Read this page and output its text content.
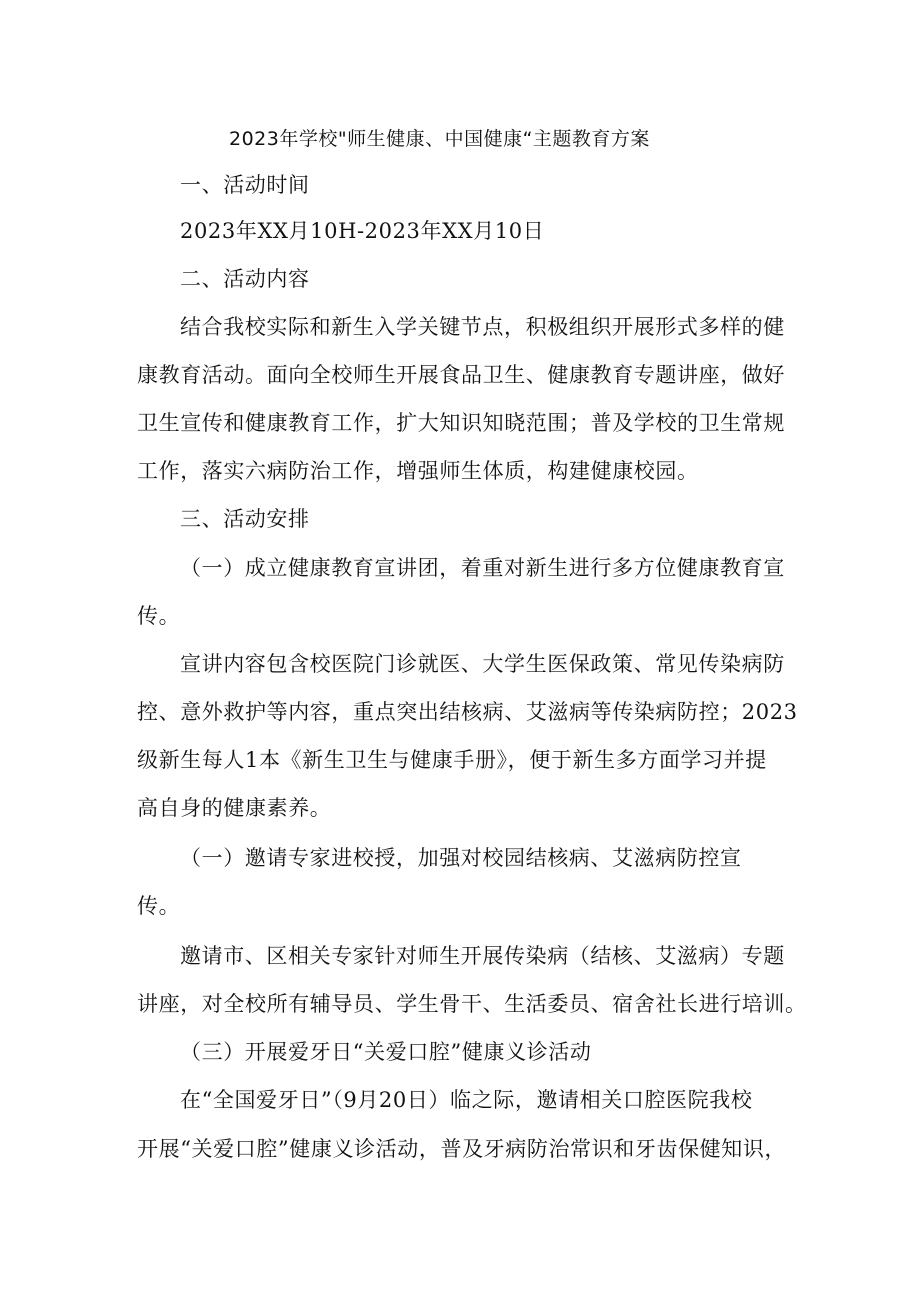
2023年学校"师生健康、中国健康“主题教育方案
一、活动时间
2023年XX月10H-2023年XX月10日
二、活动内容
结合我校实际和新生入学关键节点，积极组织开展形式多样的健
康教育活动。面向全校师生开展食品卫生、健康教育专题讲座，做好
卫生宣传和健康教育工作，扩大知识知晓范围；普及学校的卫生常规
工作，落实六病防治工作，增强师生体质，构建健康校园。
三、活动安排
（一）成立健康教育宣讲团，着重对新生进行多方位健康教育宣
传。
宣讲内容包含校医院门诊就医、大学生医保政策、常见传染病防
控、意外救护等内容，重点突出结核病、艾滋病等传染病防控；2023
级新生每人1本《新生卫生与健康手册》，便于新生多方面学习并提
高自身的健康素养。
（一）邀请专家进校授，加强对校园结核病、艾滋病防控宣
传。
邀请市、区相关专家针对师生开展传染病（结核、艾滋病）专题
讲座，对全校所有辅导员、学生骨干、生活委员、宿舍社长进行培训。
（三）开展爱牙日“关爱口腔”健康义诊活动
在“全国爱牙日”（9月20日）临之际，邀请相关口腔医院我校
开展“关爱口腔”健康义诊活动，普及牙病防治常识和牙齿保健知识，
